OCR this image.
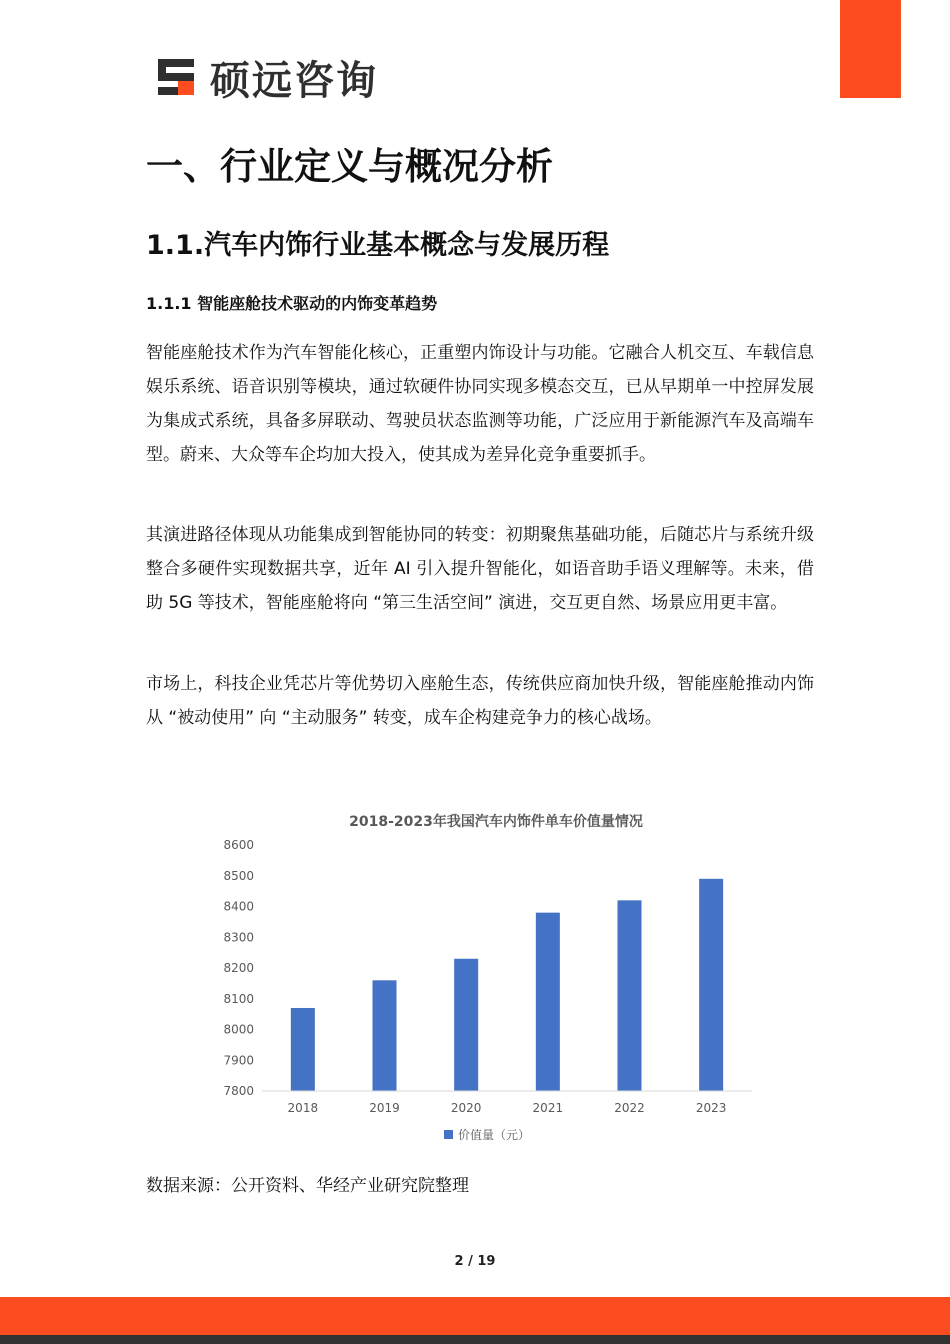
硕远咨询
一、行业定义与概况分析
1.1.汽车内饰行业基本概念与发展历程
1.1.1 智能座舱技术驱动的内饰变革趋势

智能座舱技术作为汽车智能化核心，正重塑内饰设计与功能。它融合人机交互、车载信息娱乐系统、语音识别等模块，通过软硬件协同实现多模态交互，已从早期单一中控屏发展为集成式系统，具备多屏联动、驾驶员状态监测等功能，广泛应用于新能源汽车及高端车型。蔚来、大众等车企均加大投入，使其成为差异化竞争重要抓手。

其演进路径体现从功能集成到智能协同的转变：初期聚焦基础功能，后随芯片与系统升级整合多硬件实现数据共享，近年 AI 引入提升智能化，如语音助手语义理解等。未来，借助 5G 等技术，智能座舱将向 “第三生活空间” 演进，交互更自然、场景应用更丰富。

市场上，科技企业凭芯片等优势切入座舱生态，传统供应商加快升级，智能座舱推动内饰从 “被动使用” 向 “主动服务” 转变，成车企构建竞争力的核心战场。

2018-2023年我国汽车内饰件单车价值量情况
7800
7900
8000
8100
8200
8300
8400
8500
8600
2018	2019	2020	2021	2022	2023
价值量（元）

数据来源：公开资料、华经产业研究院整理

2 / 19
